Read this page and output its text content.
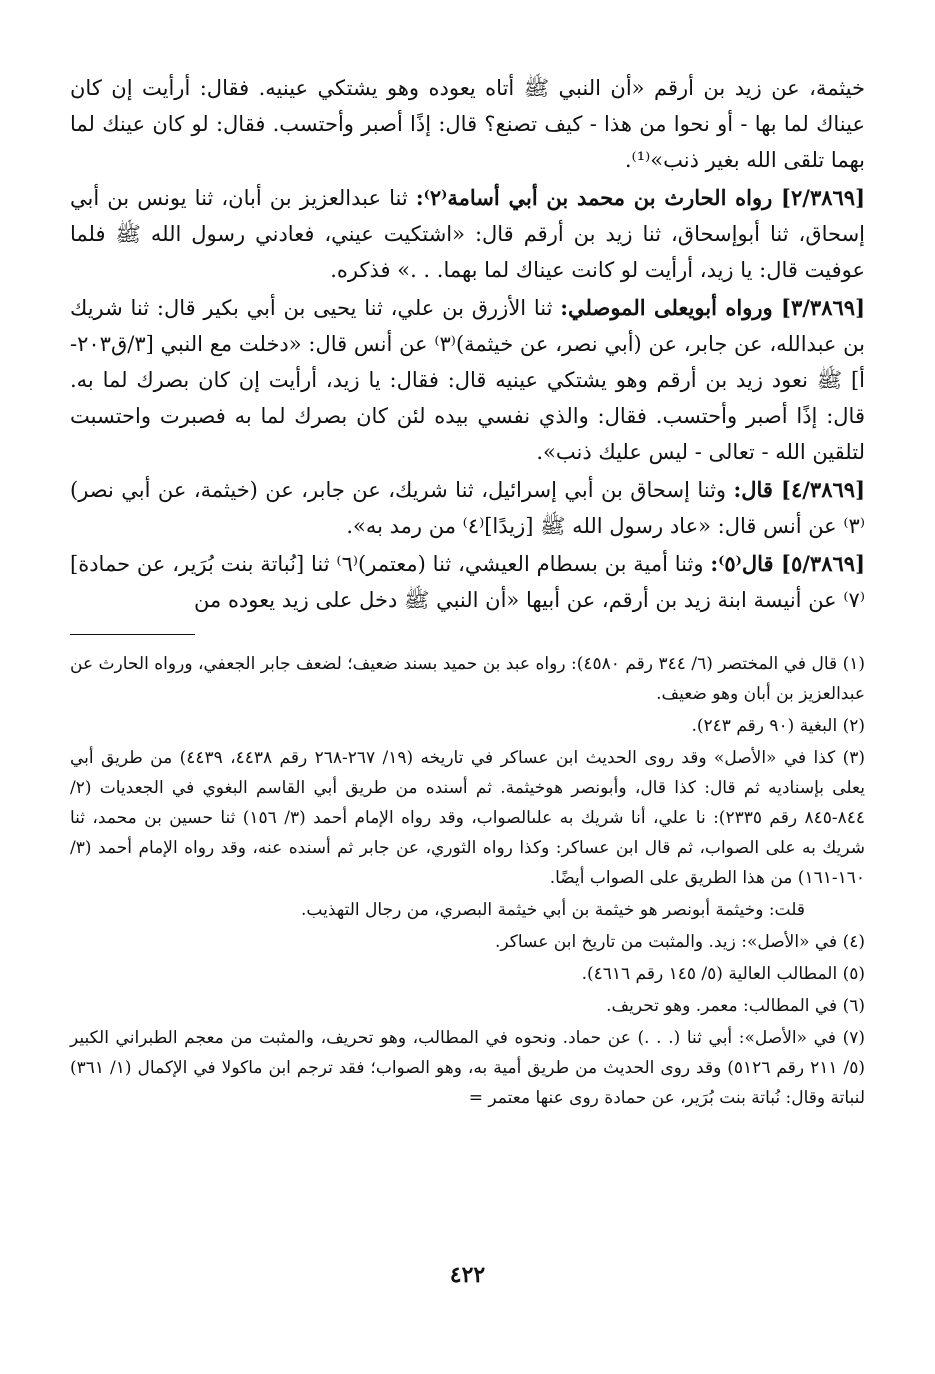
خيثمة، عن زيد بن أرقم «أن النبي ﷺ أتاه يعوده وهو يشتكي عينيه. فقال: أرأيت إن كان عيناك لما بها - أو نحوا من هذا - كيف تصنع؟ قال: إذًا أصبر وأحتسب. فقال: لو كان عينك لما بهما تلقى الله بغير ذنب»⁽¹⁾.

[٢/٣٨٦٩] رواه الحارث بن محمد بن أبي أسامة⁽٢⁾: ثنا عبدالعزيز بن أبان، ثنا يونس بن أبي إسحاق، ثنا أبوإسحاق، ثنا زيد بن أرقم قال: «اشتكيت عيني، فعادني رسول الله ﷺ فلما عوفيت قال: يا زيد، أرأيت لو كانت عيناك لما بهما. . .» فذكره.

[٣/٣٨٦٩] ورواه أبويعلى الموصلي: ثنا الأزرق بن علي، ثنا يحيى بن أبي بكير قال: ثنا شريك بن عبدالله، عن جابر، عن (أبي نصر، عن خيثمة)⁽٣⁾ عن أنس قال: «دخلت مع النبي [٣/ق٢٠٣-أ] ﷺ نعود زيد بن أرقم وهو يشتكي عينيه قال: فقال: يا زيد، أرأيت إن كان بصرك لما به. قال: إذًا أصبر وأحتسب. فقال: والذي نفسي بيده لئن كان بصرك لما به فصبرت واحتسبت لتلقين الله - تعالى - ليس عليك ذنب».

[٤/٣٨٦٩] قال: وثنا إسحاق بن أبي إسرائيل، ثنا شريك، عن جابر، عن (خيثمة، عن أبي نصر)⁽٣⁾ عن أنس قال: «عاد رسول الله ﷺ [زيدًا]⁽٤⁾ من رمد به».

[٥/٣٨٦٩] قال⁽٥⁾: وثنا أمية بن بسطام العيشي، ثنا (معتمر)⁽٦⁾ ثنا [نُباتة بنت بُرَير، عن حمادة]⁽٧⁾ عن أنيسة ابنة زيد بن أرقم، عن أبيها «أن النبي ﷺ دخل على زيد يعوده من

(١) قال في المختصر (٦/ ٣٤٤ رقم ٤٥٨٠): رواه عبد بن حميد بسند ضعيف؛ لضعف جابر الجعفي، ورواه الحارث عن عبدالعزيز بن أبان وهو ضعيف.

(٢) البغية (٩٠ رقم ٢٤٣).

(٣) كذا في «الأصل» وقد روى الحديث ابن عساكر في تاريخه (١٩/ ٢٦٧-٢٦٨ رقم ٤٤٣٨، ٤٤٣٩) من طريق أبي يعلى بإسناديه ثم قال: كذا قال، وأبونصر هوخيثمة. ثم أسنده من طريق أبي القاسم البغوي في الجعديات (٢/ ٨٤٤-٨٤٥ رقم ٢٣٣٥): نا علي، أنا شريك به علىالصواب، وقد رواه الإمام أحمد (٣/ ١٥٦) ثنا حسين بن محمد، ثنا شريك به على الصواب، ثم قال ابن عساكر: وكذا رواه الثوري، عن جابر ثم أسنده عنه، وقد رواه الإمام أحمد (٣/ ١٦٠-١٦١) من هذا الطريق على الصواب أيضًا.

قلت: وخيثمة أبونصر هو خيثمة بن أبي خيثمة البصري، من رجال التهذيب.

(٤) في «الأصل»: زيد. والمثبت من تاريخ ابن عساكر.

(٥) المطالب العالية (٥/ ١٤٥ رقم ٤٦١٦).

(٦) في المطالب: معمر. وهو تحريف.

(٧) في «الأصل»: أبي ثنا (. . .) عن حماد. ونحوه في المطالب، وهو تحريف، والمثبت من معجم الطبراني الكبير (٥/ ٢١١ رقم ٥١٢٦) وقد روى الحديث من طريق أمية به، وهو الصواب؛ فقد ترجم ابن ماكولا في الإكمال (١/ ٣٦١) لنباتة وقال: نُباتة بنت بُرَير، عن حمادة روى عنها معتمر =

٤٢٢
